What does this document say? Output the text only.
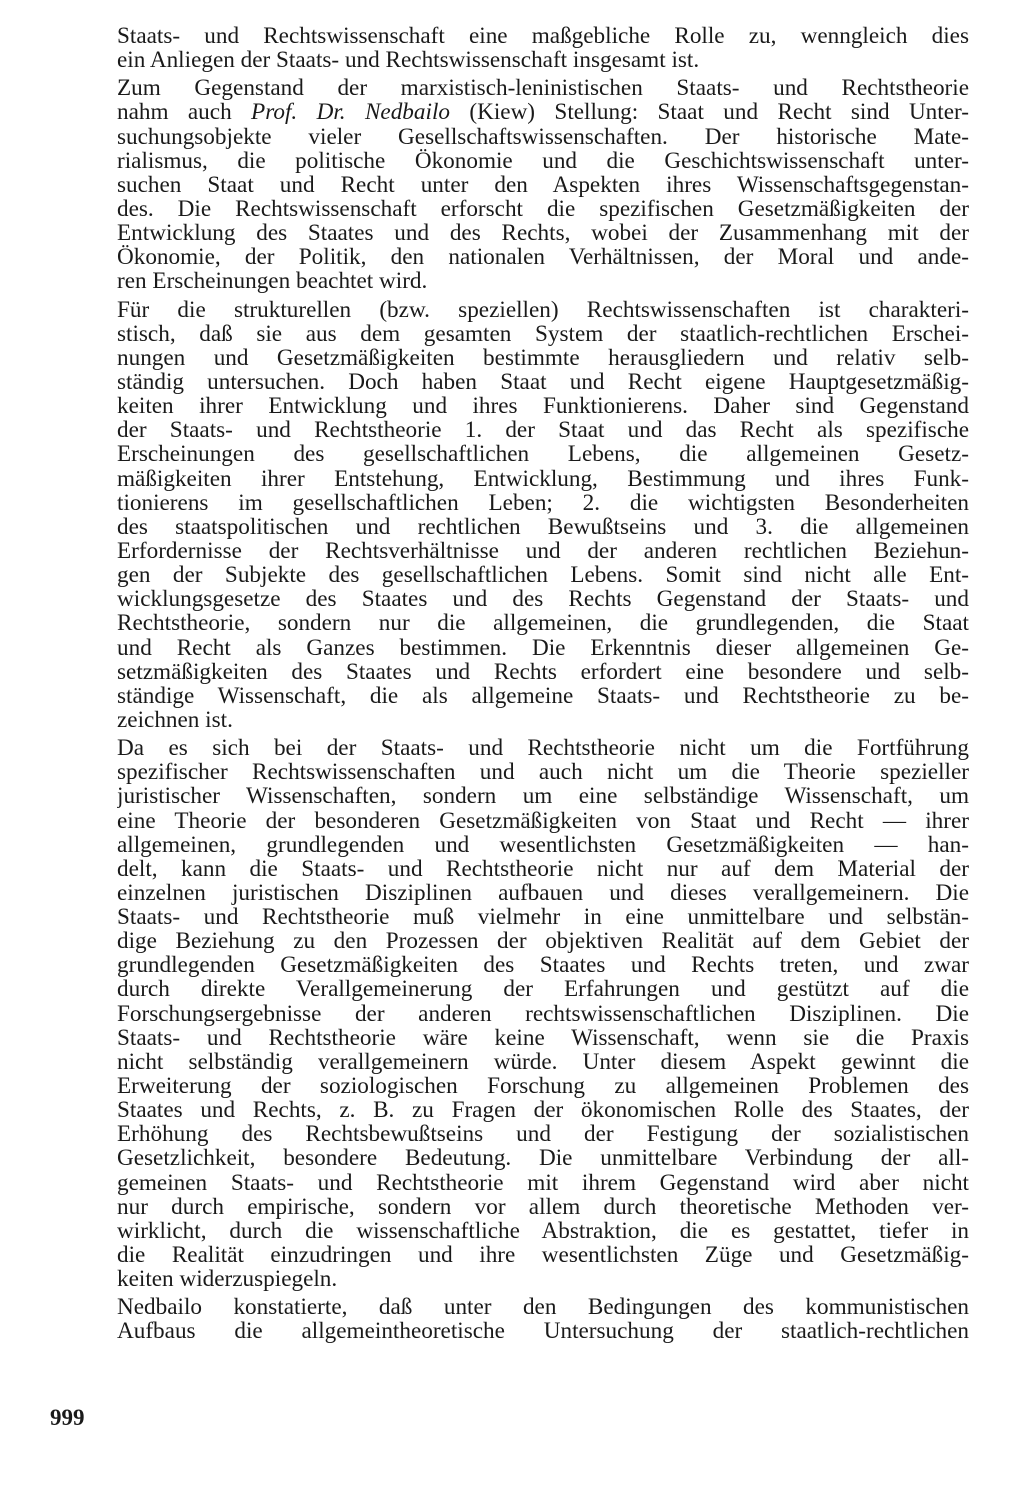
Staats- und Rechtswissenschaft eine maßgebliche Rolle zu, wenngleich dies
ein Anliegen der Staats- und Rechtswissenschaft insgesamt ist.
Zum Gegenstand der marxistisch-leninistischen Staats- und Rechtstheorie
nahm auch Prof. Dr. Nedbailo (Kiew) Stellung: Staat und Recht sind Unter-
suchungsobjekte vieler Gesellschaftswissenschaften. Der historische Mate-
rialismus, die politische Ökonomie und die Geschichtswissenschaft unter-
suchen Staat und Recht unter den Aspekten ihres Wissenschaftsgegenstan-
des. Die Rechtswissenschaft erforscht die spezifischen Gesetzmäßigkeiten der
Entwicklung des Staates und des Rechts, wobei der Zusammenhang mit der
Ökonomie, der Politik, den nationalen Verhältnissen, der Moral und ande-
ren Erscheinungen beachtet wird.
Für die strukturellen (bzw. speziellen) Rechtswissenschaften ist charakteri-
stisch, daß sie aus dem gesamten System der staatlich-rechtlichen Erschei-
nungen und Gesetzmäßigkeiten bestimmte herausgliedern und relativ selb-
ständig untersuchen. Doch haben Staat und Recht eigene Hauptgesetzmäßig-
keiten ihrer Entwicklung und ihres Funktionierens. Daher sind Gegenstand
der Staats- und Rechtstheorie 1. der Staat und das Recht als spezifische
Erscheinungen des gesellschaftlichen Lebens, die allgemeinen Gesetz-
mäßigkeiten ihrer Entstehung, Entwicklung, Bestimmung und ihres Funk-
tionierens im gesellschaftlichen Leben; 2. die wichtigsten Besonderheiten
des staatspolitischen und rechtlichen Bewußtseins und 3. die allgemeinen
Erfordernisse der Rechtsverhältnisse und der anderen rechtlichen Beziehun-
gen der Subjekte des gesellschaftlichen Lebens. Somit sind nicht alle Ent-
wicklungsgesetze des Staates und des Rechts Gegenstand der Staats- und
Rechtstheorie, sondern nur die allgemeinen, die grundlegenden, die Staat
und Recht als Ganzes bestimmen. Die Erkenntnis dieser allgemeinen Ge-
setzmäßigkeiten des Staates und Rechts erfordert eine besondere und selb-
ständige Wissenschaft, die als allgemeine Staats- und Rechtstheorie zu be-
zeichnen ist.
Da es sich bei der Staats- und Rechtstheorie nicht um die Fortführung
spezifischer Rechtswissenschaften und auch nicht um die Theorie spezieller
juristischer Wissenschaften, sondern um eine selbständige Wissenschaft, um
eine Theorie der besonderen Gesetzmäßigkeiten von Staat und Recht — ihrer
allgemeinen, grundlegenden und wesentlichsten Gesetzmäßigkeiten — han-
delt, kann die Staats- und Rechtstheorie nicht nur auf dem Material der
einzelnen juristischen Disziplinen aufbauen und dieses verallgemeinern. Die
Staats- und Rechtstheorie muß vielmehr in eine unmittelbare und selbstän-
dige Beziehung zu den Prozessen der objektiven Realität auf dem Gebiet der
grundlegenden Gesetzmäßigkeiten des Staates und Rechts treten, und zwar
durch direkte Verallgemeinerung der Erfahrungen und gestützt auf die
Forschungsergebnisse der anderen rechtswissenschaftlichen Disziplinen. Die
Staats- und Rechtstheorie wäre keine Wissenschaft, wenn sie die Praxis
nicht selbständig verallgemeinern würde. Unter diesem Aspekt gewinnt die
Erweiterung der soziologischen Forschung zu allgemeinen Problemen des
Staates und Rechts, z. B. zu Fragen der ökonomischen Rolle des Staates, der
Erhöhung des Rechtsbewußtseins und der Festigung der sozialistischen
Gesetzlichkeit, besondere Bedeutung. Die unmittelbare Verbindung der all-
gemeinen Staats- und Rechtstheorie mit ihrem Gegenstand wird aber nicht
nur durch empirische, sondern vor allem durch theoretische Methoden ver-
wirklicht, durch die wissenschaftliche Abstraktion, die es gestattet, tiefer in
die Realität einzudringen und ihre wesentlichsten Züge und Gesetzmäßig-
keiten widerzuspiegeln.
Nedbailo konstatierte, daß unter den Bedingungen des kommunistischen
Aufbaus die allgemeintheoretische Untersuchung der staatlich-rechtlichen
999
